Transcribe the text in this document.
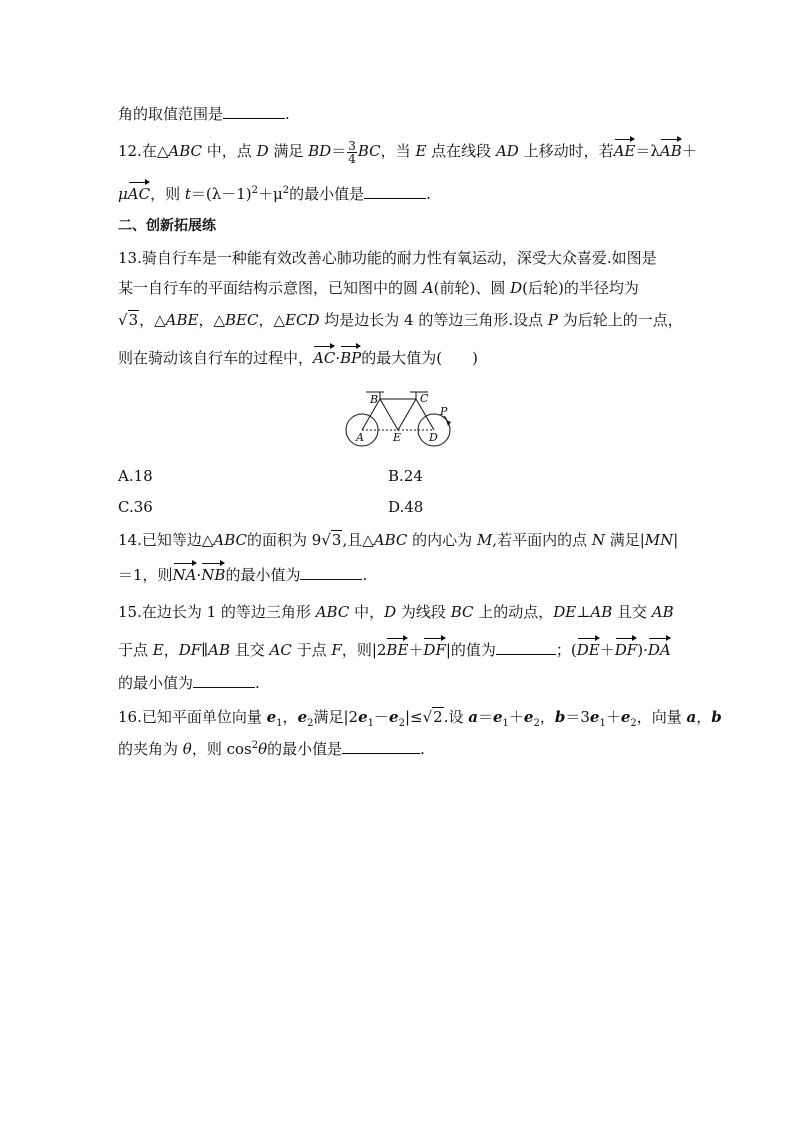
角的取值范围是	.
12.在△ABC 中，点 D 满足 $BD= \frac{3}{4}$ BC，当 E 点在线段 AD 上移动时，若AE＝λAB＋
μAC，则 $t=(\lambda-1)^2+\mu^2$的最小值是	.
二、创新拓展练
13.骑自行车是一种能有效改善心肺功能的耐力性有氧运动，深受大众喜爱.如图是
某一自行车的平面结构示意图，已知图中的圆 A(前轮)、圆 D(后轮)的半径均为
√3，△ABE，△BEC，△ECD 均是边长为 4 的等边三角形.设点 P 为后轮上的一点，
则在骑动该自行车的过程中，AC·BP的最大值为(　　)
A
B	C
D
E
P
A.18	B.24
C.36	D.48
14.已知等边△ABC的面积为 9√3,且△ABC 的内心为 M,若平面内的点 N 满足|MN|
＝1，则NA·NB的最小值为	.
15.在边长为 1 的等边三角形 ABC 中，D 为线段 BC 上的动点，DE⊥AB 且交 AB
于点 E，DF∥AB 且交 AC 于点 F，则|2BE＋DF|的值为	；(DE＋DF)·DA
的最小值为	.
16.已知平面单位向量 $e_1$，$e_2$满足$|2e_1-e_2|\le√2$.设 $a=e_1+e_2$，$b=3e_1+e_2$，向量 a，b
的夹角为 θ，则 $\cos^2\theta$的最小值是	.
